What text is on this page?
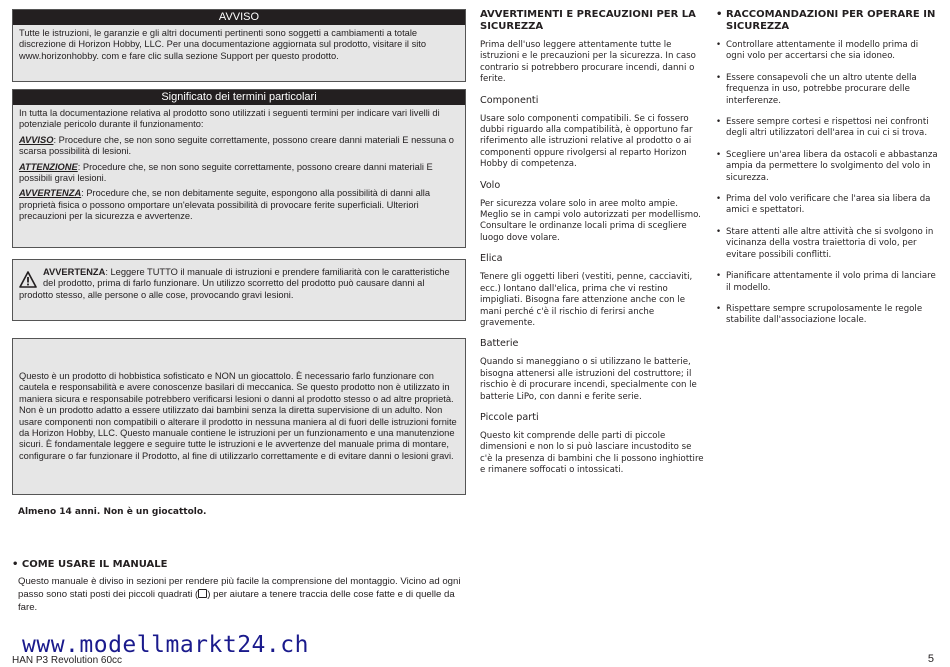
AVVISO

Tutte le istruzioni, le garanzie e gli altri documenti pertinenti sono soggetti a cambiamenti a totale discrezione di Horizon Hobby, LLC. Per una documentazione aggiornata sul prodotto, visitare il sito www.horizonhobby. com e fare clic sulla sezione Support per questo prodotto.

Significato dei termini particolari

In tutta la documentazione relativa al prodotto sono utilizzati i seguenti termini per indicare vari livelli di potenziale pericolo durante il funzionamento:

AVVISO: Procedure che, se non sono seguite correttamente, possono creare danni materiali E nessuna o scarsa possibilità di lesioni.

ATTENZIONE: Procedure che, se non sono seguite correttamente, possono creare danni materiali E possibili gravi lesioni.

AVVERTENZA: Procedure che, se non debitamente seguite, espongono alla possibilità di danni alla proprietà fisica o possono omportare un'elevata possibilità di provocare ferite superficiali. Ulteriori precauzioni per la sicurezza e avvertenze.

AVVERTENZA: Leggere TUTTO il manuale di istruzioni e prendere familiarità con le caratteristiche del prodotto, prima di farlo funzionare. Un utilizzo scorretto del prodotto può causare danni al prodotto stesso, alle persone o alle cose, provocando gravi lesioni.

Questo è un prodotto di hobbistica sofisticato e NON un giocattolo. È necessario farlo funzionare con cautela e responsabilità e avere conoscenze basilari di meccanica. Se questo prodotto non è utilizzato in maniera sicura e responsabile potrebbero verificarsi lesioni o danni al prodotto stesso o ad altre proprietà. Non è un prodotto adatto a essere utilizzato dai bambini senza la diretta supervisione di un adulto. Non usare componenti non compatibili o alterare il prodotto in nessuna maniera al di fuori delle istruzioni fornite da Horizon Hobby, LLC. Questo manuale contiene le istruzioni per un funzionamento e una manutenzione sicuri. È fondamentale leggere e seguire tutte le istruzioni e le avvertenze del manuale prima di montare, configurare o far funzionare il Prodotto, al fine di utilizzarlo correttamente e di evitare danni o lesioni gravi.

Almeno 14 anni. Non è un giocattolo.
• COME USARE IL MANUALE
Questo manuale è diviso in sezioni per rendere più facile la comprensione del montaggio. Vicino ad ogni passo sono stati posti dei piccoli quadrati ( ) per aiutare a tenere traccia delle cose fatte e di quelle da fare.
www.modellmarkt24.ch
HAN P3 Revolution 60cc	5
AVVERTIMENTI E PRECAUZIONI PER LA SICUREZZA

Prima dell'uso leggere attentamente tutte le istruzioni e le precauzioni per la sicurezza. In caso contrario si potrebbero procurare incendi, danni o ferite.

Componenti

Usare solo componenti compatibili. Se ci fossero dubbi riguardo alla compatibilità, è opportuno far riferimento alle istruzioni relative al prodotto o ai componenti oppure rivolgersi al reparto Horizon Hobby di competenza.

Volo

Per sicurezza volare solo in aree molto ampie. Meglio se in campi volo autorizzati per modellismo. Consultare le ordinanze locali prima di scegliere luogo dove volare.

Elica

Tenere gli oggetti liberi (vestiti, penne, cacciaviti, ecc.) lontano dall'elica, prima che vi restino impigliati. Bisogna fare attenzione anche con le mani perché c'è il rischio di ferirsi anche gravemente.

Batterie

Quando si maneggiano o si utilizzano le batterie, bisogna attenersi alle istruzioni del costruttore; il rischio è di procurare incendi, specialmente con le batterie LiPo, con danni e ferite serie.

Piccole parti

Questo kit comprende delle parti di piccole dimensioni e non lo si può lasciare incustodito se c'è la presenza di bambini che li possono inghiottire e rimanere soffocati o intossicati.

• RACCOMANDAZIONI PER OPERARE IN SICUREZZA
• Controllare attentamente il modello prima di ogni volo per accertarsi che sia idoneo.
• Essere consapevoli che un altro utente della frequenza in uso, potrebbe procurare delle interferenze.
• Essere sempre cortesi e rispettosi nei confronti degli altri utilizzatori dell'area in cui ci si trova.
• Scegliere un'area libera da ostacoli e abbastanza ampia da permettere lo svolgimento del volo in sicurezza.
• Prima del volo verificare che l'area sia libera da amici e spettatori.
• Stare attenti alle altre attività che si svolgono in vicinanza della vostra traiettoria di volo, per evitare possibili conflitti.
• Pianificare attentamente il volo prima di lanciare il modello.
• Rispettare sempre scrupolosamente le regole stabilite dall'associazione locale.
